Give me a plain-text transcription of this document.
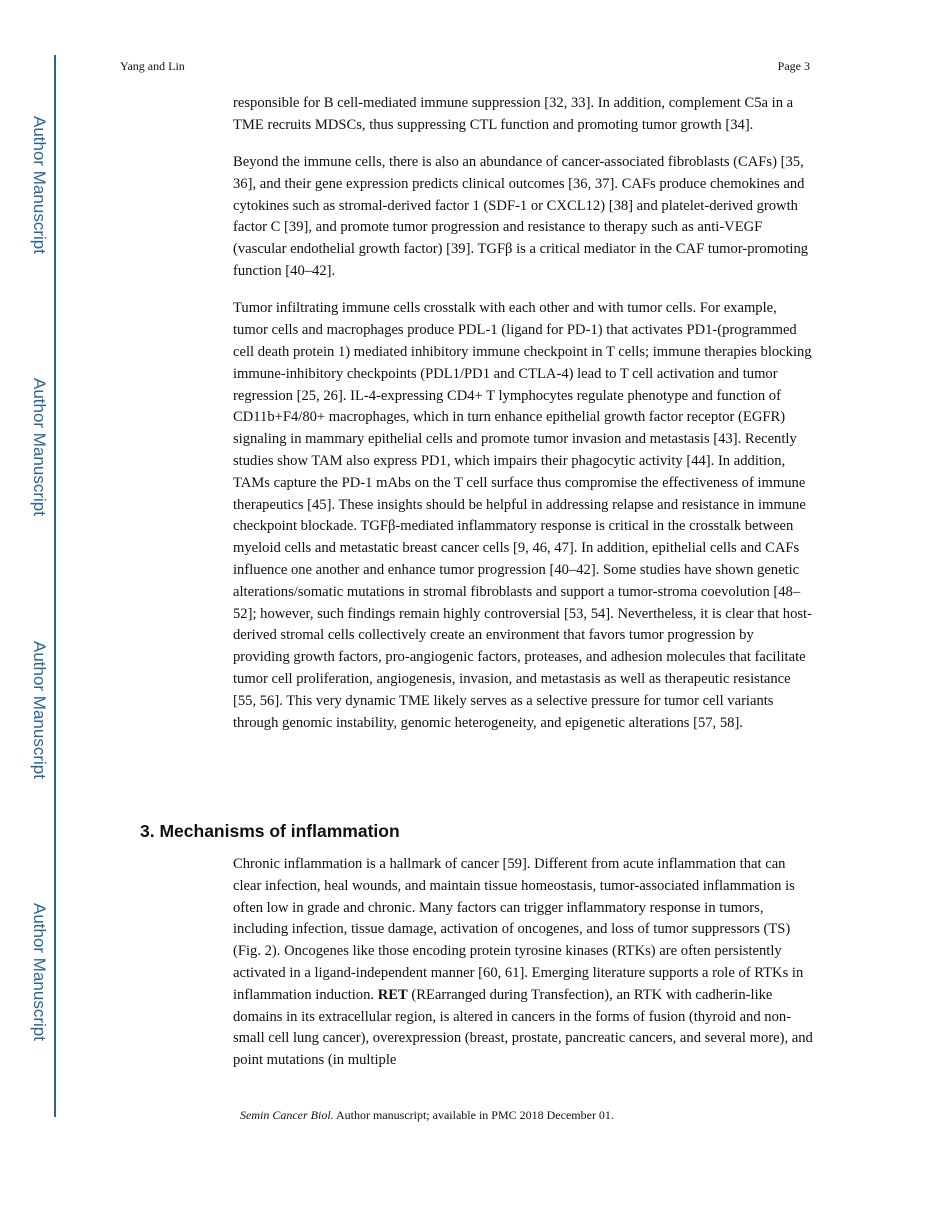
Author Manuscript
Author Manuscript
Author Manuscript
Author Manuscript
Yang and Lin	Page 3

responsible for B cell-mediated immune suppression [32, 33]. In addition, complement C5a in a TME recruits MDSCs, thus suppressing CTL function and promoting tumor growth [34].

Beyond the immune cells, there is also an abundance of cancer-associated fibroblasts (CAFs) [35, 36], and their gene expression predicts clinical outcomes [36, 37]. CAFs produce chemokines and cytokines such as stromal-derived factor 1 (SDF-1 or CXCL12) [38] and platelet-derived growth factor C [39], and promote tumor progression and resistance to therapy such as anti-VEGF (vascular endothelial growth factor) [39]. TGFβ is a critical mediator in the CAF tumor-promoting function [40–42].

Tumor infiltrating immune cells crosstalk with each other and with tumor cells. For example, tumor cells and macrophages produce PDL-1 (ligand for PD-1) that activates PD1-(programmed cell death protein 1) mediated inhibitory immune checkpoint in T cells; immune therapies blocking immune-inhibitory checkpoints (PDL1/PD1 and CTLA-4) lead to T cell activation and tumor regression [25, 26]. IL-4-expressing CD4+ T lymphocytes regulate phenotype and function of CD11b+F4/80+ macrophages, which in turn enhance epithelial growth factor receptor (EGFR) signaling in mammary epithelial cells and promote tumor invasion and metastasis [43]. Recently studies show TAM also express PD1, which impairs their phagocytic activity [44]. In addition, TAMs capture the PD-1 mAbs on the T cell surface thus compromise the effectiveness of immune therapeutics [45]. These insights should be helpful in addressing relapse and resistance in immune checkpoint blockade. TGFβ-mediated inflammatory response is critical in the crosstalk between myeloid cells and metastatic breast cancer cells [9, 46, 47]. In addition, epithelial cells and CAFs influence one another and enhance tumor progression [40–42]. Some studies have shown genetic alterations/somatic mutations in stromal fibroblasts and support a tumor-stroma coevolution [48–52]; however, such findings remain highly controversial [53, 54]. Nevertheless, it is clear that host-derived stromal cells collectively create an environment that favors tumor progression by providing growth factors, pro-angiogenic factors, proteases, and adhesion molecules that facilitate tumor cell proliferation, angiogenesis, invasion, and metastasis as well as therapeutic resistance [55, 56]. This very dynamic TME likely serves as a selective pressure for tumor cell variants through genomic instability, genomic heterogeneity, and epigenetic alterations [57, 58].

3. Mechanisms of inflammation

Chronic inflammation is a hallmark of cancer [59]. Different from acute inflammation that can clear infection, heal wounds, and maintain tissue homeostasis, tumor-associated inflammation is often low in grade and chronic. Many factors can trigger inflammatory response in tumors, including infection, tissue damage, activation of oncogenes, and loss of tumor suppressors (TS) (Fig. 2). Oncogenes like those encoding protein tyrosine kinases (RTKs) are often persistently activated in a ligand-independent manner [60, 61]. Emerging literature supports a role of RTKs in inflammation induction. RET (REarranged during Transfection), an RTK with cadherin-like domains in its extracellular region, is altered in cancers in the forms of fusion (thyroid and non-small cell lung cancer), overexpression (breast, prostate, pancreatic cancers, and several more), and point mutations (in multiple

Semin Cancer Biol. Author manuscript; available in PMC 2018 December 01.
